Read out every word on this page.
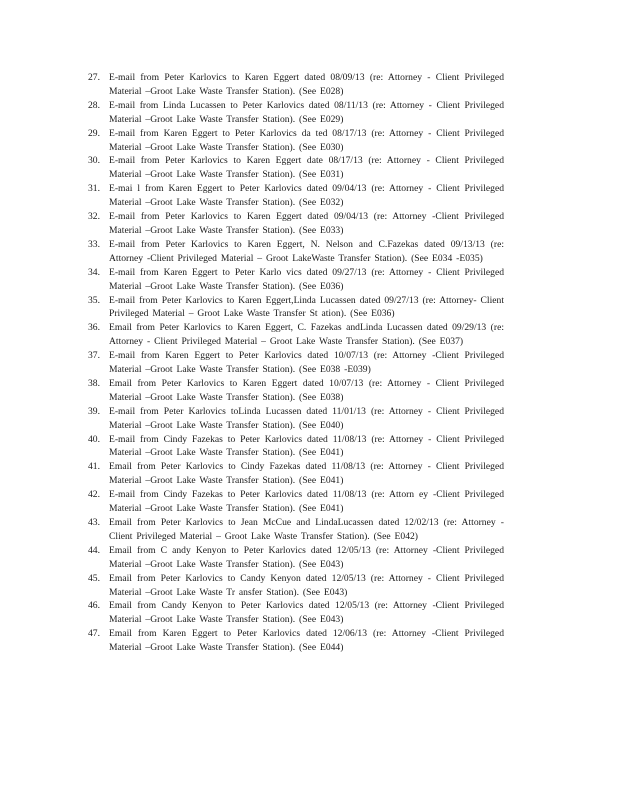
27. E-mail from Peter Karlovics to Karen Eggert dated 08/09/13 (re: Attorney - Client Privileged Material –Groot Lake Waste Transfer Station). (See E028)
28. E-mail from Linda Lucassen to Peter Karlovics dated 08/11/13 (re: Attorney - Client Privileged Material –Groot Lake Waste Transfer Station). (See E029)
29. E-mail from Karen Eggert to Peter Karlovics da ted 08/17/13 (re: Attorney - Client Privileged Material –Groot Lake Waste Transfer Station). (See E030)
30. E-mail from Peter Karlovics to Karen Eggert date 08/17/13 (re: Attorney - Client Privileged Material –Groot Lake Waste Transfer Station). (See E031)
31. E-mai l from Karen Eggert to Peter Karlovics dated 09/04/13 (re: Attorney - Client Privileged Material –Groot Lake Waste Transfer Station). (See E032)
32. E-mail from Peter Karlovics to Karen Eggert dated 09/04/13 (re: Attorney -Client Privileged Material –Groot Lake Waste Transfer Station). (See E033)
33. E-mail from Peter Karlovics to Karen Eggert, N. Nelson and C.Fazekas dated 09/13/13 (re: Attorney -Client Privileged Material – Groot LakeWaste Transfer Station). (See E034 -E035)
34. E-mail from Karen Eggert to Peter Karlo vics dated 09/27/13 (re: Attorney - Client Privileged Material –Groot Lake Waste Transfer Station). (See E036)
35. E-mail from Peter Karlovics to Karen Eggert,Linda Lucassen dated 09/27/13 (re: Attorney- Client Privileged Material – Groot Lake Waste Transfer St ation). (See E036)
36. Email from Peter Karlovics to Karen Eggert, C. Fazekas andLinda Lucassen dated 09/29/13 (re: Attorney - Client Privileged Material – Groot Lake Waste Transfer Station). (See E037)
37. E-mail from Karen Eggert to Peter Karlovics dated 10/07/13 (re: Attorney -Client Privileged Material –Groot Lake Waste Transfer Station). (See E038 -E039)
38. Email from Peter Karlovics to Karen Eggert dated 10/07/13 (re: Attorney - Client Privileged Material –Groot Lake Waste Transfer Station). (See E038)
39. E-mail from Peter Karlovics toLinda Lucassen dated 11/01/13 (re: Attorney - Client Privileged Material –Groot Lake Waste Transfer Station). (See E040)
40. E-mail from Cindy Fazekas to Peter Karlovics dated 11/08/13 (re: Attorney - Client Privileged Material –Groot Lake Waste Transfer Station). (See E041)
41. Email from Peter Karlovics to Cindy Fazekas dated 11/08/13 (re: Attorney - Client Privileged Material –Groot Lake Waste Transfer Station). (See E041)
42. E-mail from Cindy Fazekas to Peter Karlovics dated 11/08/13 (re: Attorn ey -Client Privileged Material –Groot Lake Waste Transfer Station). (See E041)
43. Email from Peter Karlovics to Jean McCue and LindaLucassen dated 12/02/13 (re: Attorney -Client Privileged Material – Groot Lake Waste Transfer Station). (See E042)
44. Email from C andy Kenyon to Peter Karlovics dated 12/05/13 (re: Attorney -Client Privileged Material –Groot Lake Waste Transfer Station). (See E043)
45. Email from Peter Karlovics to Candy Kenyon dated 12/05/13 (re: Attorney - Client Privileged Material –Groot Lake Waste Tr ansfer Station). (See E043)
46. Email from Candy Kenyon to Peter Karlovics dated 12/05/13 (re: Attorney -Client Privileged Material –Groot Lake Waste Transfer Station). (See E043)
47. Email from Karen Eggert to Peter Karlovics dated 12/06/13 (re: Attorney -Client Privileged Material –Groot Lake Waste Transfer Station). (See E044)
